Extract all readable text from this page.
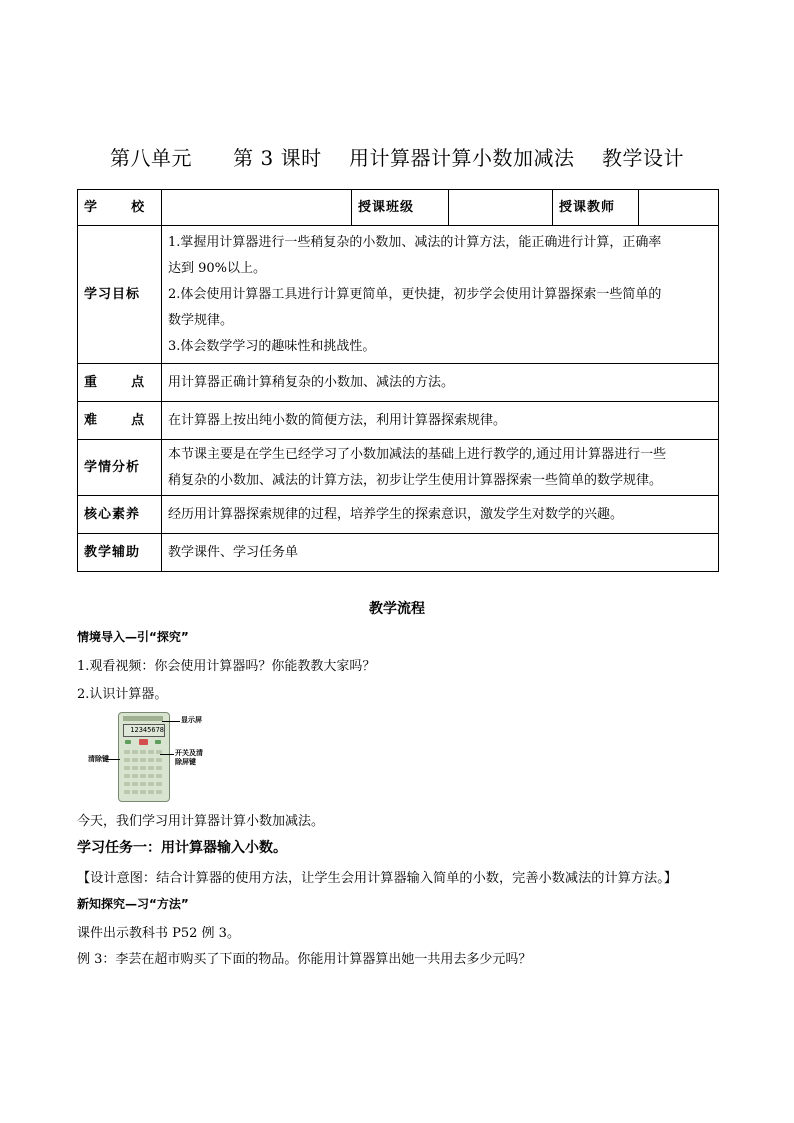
第八单元      第 3 课时    用计算器计算小数加减法    教学设计
学      校		授课班级		授课教师	
学习目标	1.掌握用计算器进行一些稍复杂的小数加、减法的计算方法，能正确进行计算，正确率
达到 90%以上。
2.体会使用计算器工具进行计算更简单，更快捷，初步学会使用计算器探索一些简单的
数学规律。
3.体会数学学习的趣味性和挑战性。				

重      点	用计算器正确计算稍复杂的小数加、减法的方法。				
难      点	在计算器上按出纯小数的简便方法，利用计算器探索规律。				
学情分析	本节课主要是在学生已经学习了小数加减法的基础上进行教学的,通过用计算器进行一些
稍复杂的小数加、减法的计算方法，初步让学生使用计算器探索一些简单的数学规律。				

核心素养	经历用计算器探索规律的过程，培养学生的探索意识，激发学生对数学的兴趣。				
教学辅助	教学课件、学习任务单				
教学流程
情境导入—引“探究”
1.观看视频：你会使用计算器吗？你能教教大家吗？
2.认识计算器。
12345678
显示屏
清除键
开关及清
除屏键
今天，我们学习用计算器计算小数加减法。
学习任务一：用计算器输入小数。
【设计意图：结合计算器的使用方法，让学生会用计算器输入简单的小数，完善小数减法的计算方法。】
新知探究—习“方法”
课件出示教科书 P52 例 3。
例 3：李芸在超市购买了下面的物品。你能用计算器算出她一共用去多少元吗？
